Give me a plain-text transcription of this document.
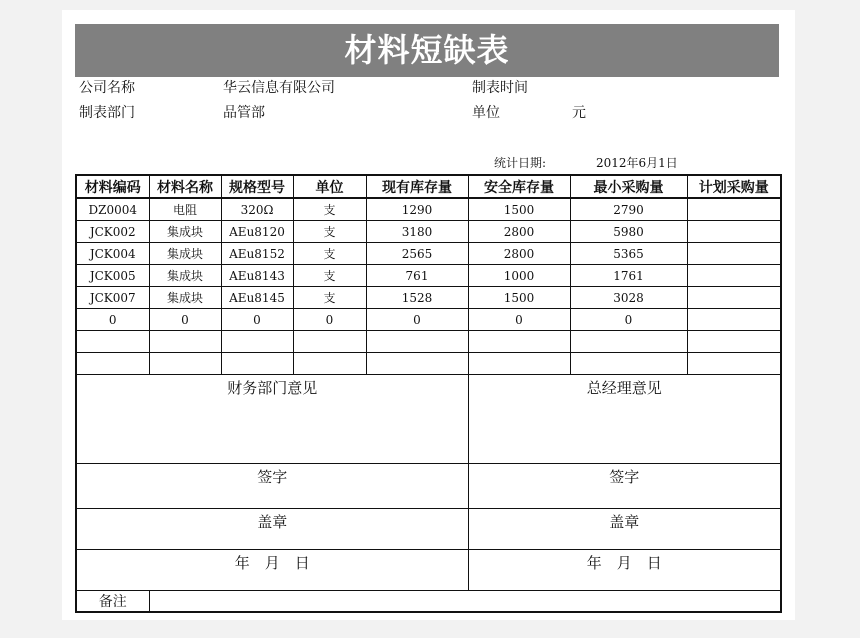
材料短缺表
公司名称	华云信息有限公司	制表时间
制表部门	品管部	单位	元
统计日期:	2012年6月1日
材料编码	材料名称	规格型号	单位	现有库存量	安全库存量	最小采购量	计划采购量
DZ0004	电阻	320Ω	支	1290	1500	2790	
JCK002	集成块	AEu8120	支	3180	2800	5980	
JCK004	集成块	AEu8152	支	2565	2800	5365	
JCK005	集成块	AEu8143	支	761	1000	1761	
JCK007	集成块	AEu8145	支	1528	1500	3028	
0	0	0	0	0	0	0	

财务部门意见					总经理意见		
签字					签字		
盖章					盖章		
年　月　日					年　月　日		
备注							
